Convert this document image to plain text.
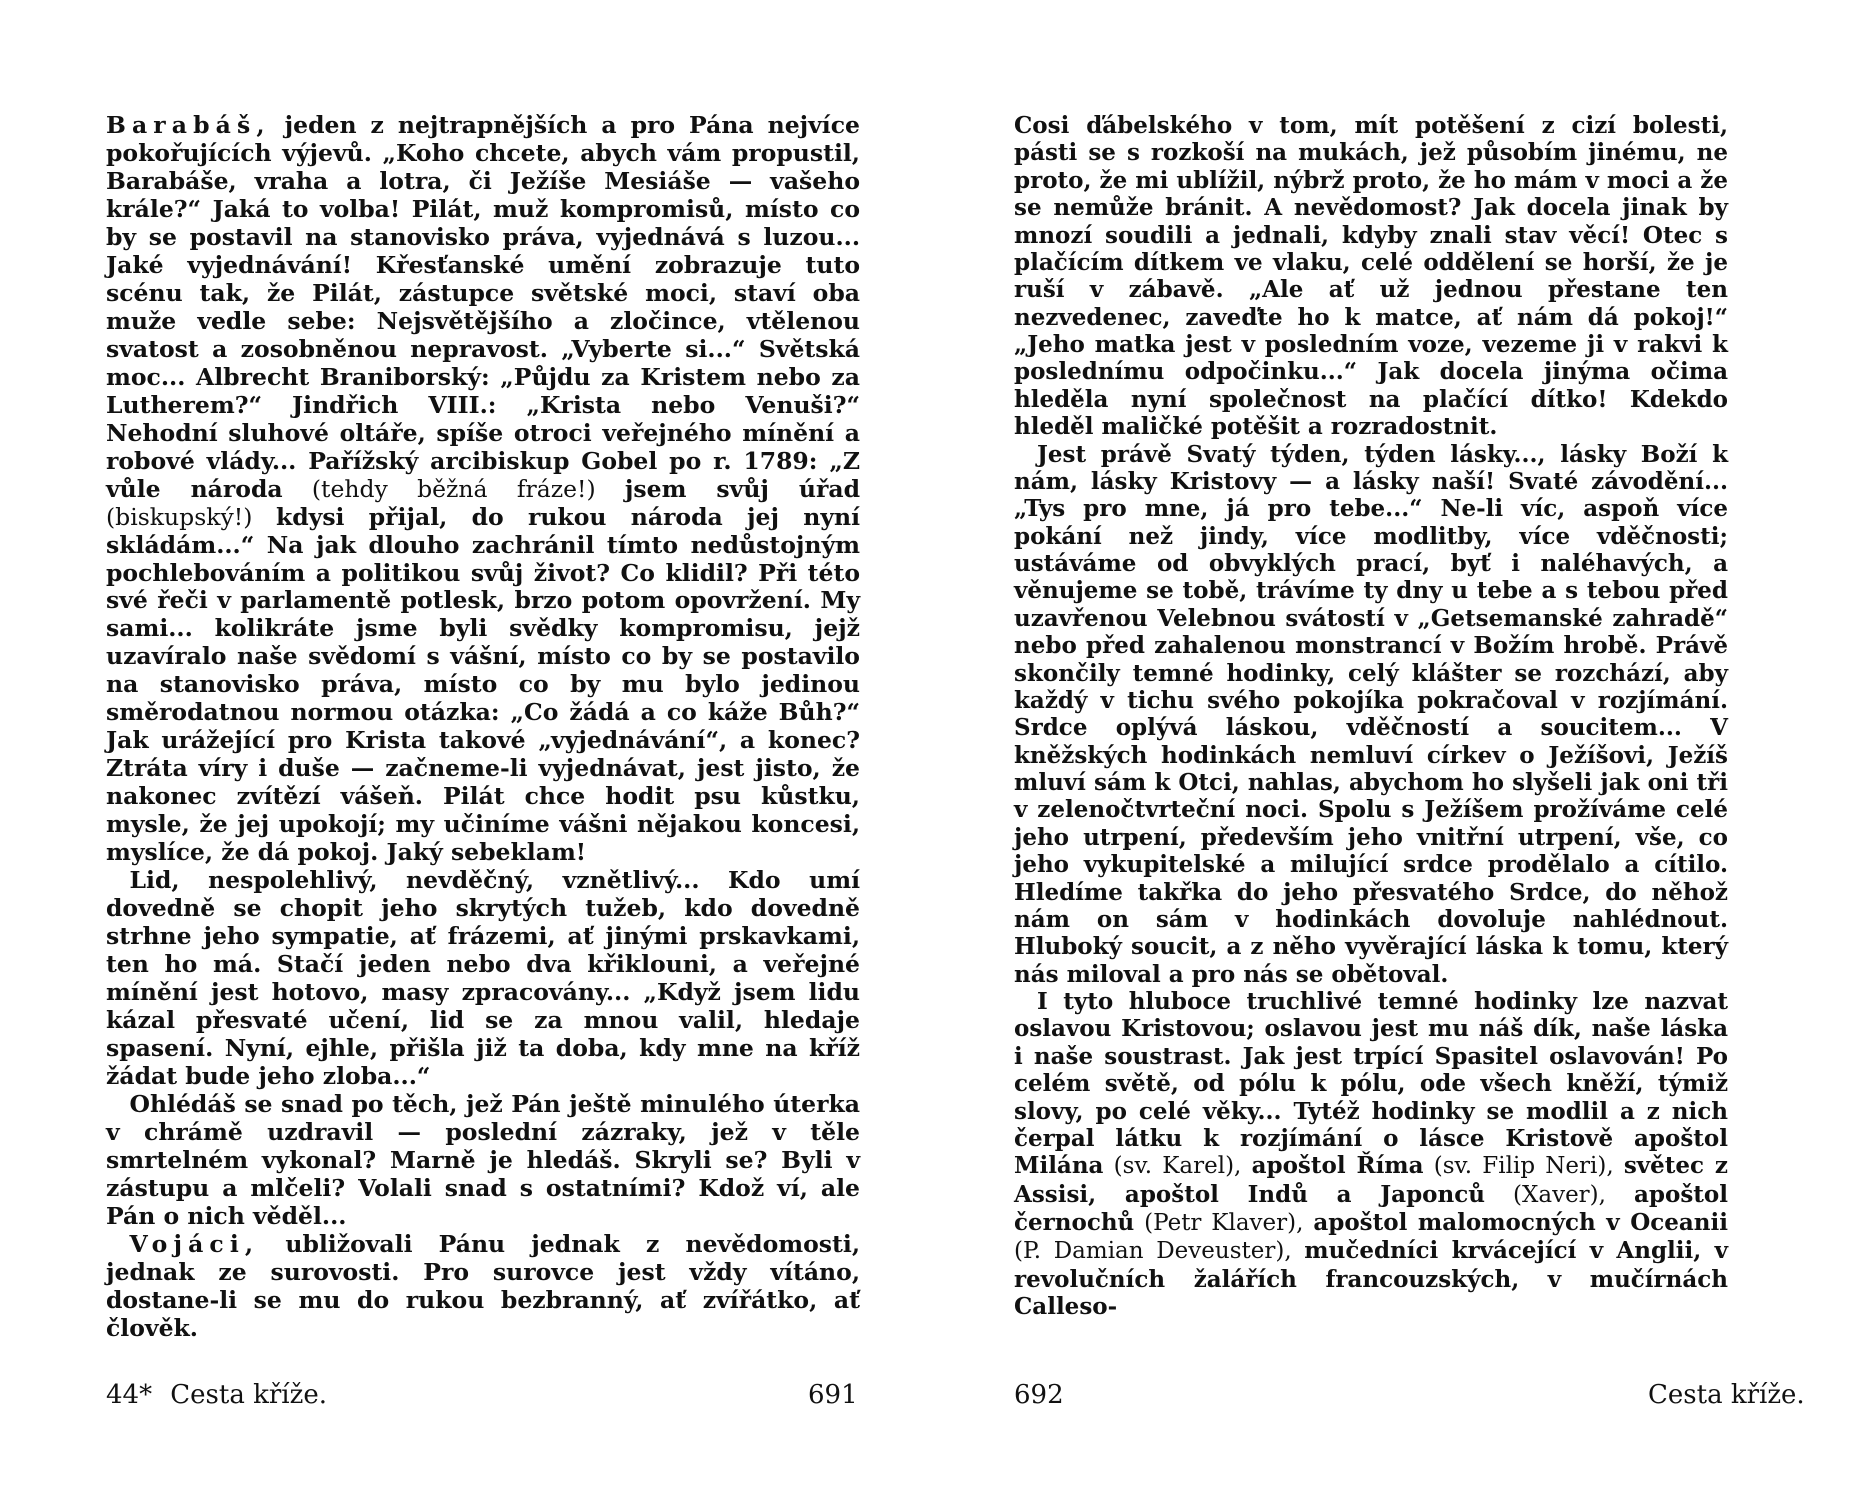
Barabáš, jeden z nejtrapnějších a pro Pána nejvíce pokořujících výjevů. „Koho chcete, abych vám propustil, Barabáše, vraha a lotra, či Ježíše Mesiáše — vašeho krále?“ Jaká to volba! Pilát, muž kompromisů, místo co by se postavil na stanovisko práva, vyjednává s luzou... Jaké vyjednávání! Křesťanské umění zobrazuje tuto scénu tak, že Pilát, zástupce světské moci, staví oba muže vedle sebe: Nejsvětějšího a zločince, vtělenou svatost a zosobněnou nepravost. „Vyberte si...“ Světská moc... Albrecht Braniborský: „Půjdu za Kristem nebo za Lutherem?“ Jindřich VIII.: „Krista nebo Venuši?“ Nehodní sluhové oltáře, spíše otroci veřejného mínění a robové vlády... Pařížský arcibiskup Gobel po r. 1789: „Z vůle národa (tehdy běžná fráze!) jsem svůj úřad (biskupský!) kdysi přijal, do rukou národa jej nyní skládám...“ Na jak dlouho zachránil tímto nedůstojným pochlebováním a politikou svůj život? Co klidil? Při této své řeči v parlamentě potlesk, brzo potom opovržení. My sami... kolikráte jsme byli svědky kompromisu, jejž uzavíralo naše svědomí s vášní, místo co by se postavilo na stanovisko práva, místo co by mu bylo jedinou směrodatnou normou otázka: „Co žádá a co káže Bůh?“ Jak urážející pro Krista takové „vyjednávání“, a konec? Ztráta víry i duše — začneme-li vyjednávat, jest jisto, že nakonec zvítězí vášeň. Pilát chce hodit psu kůstku, mysle, že jej upokojí; my učiníme vášni nějakou koncesi, myslíce, že dá pokoj. Jaký sebeklam!

Lid, nespolehlivý, nevděčný, vznětlivý... Kdo umí dovedně se chopit jeho skrytých tužeb, kdo dovedně strhne jeho sympatie, ať frázemi, ať jinými prskavkami, ten ho má. Stačí jeden nebo dva křiklouni, a veřejné mínění jest hotovo, masy zpracovány... „Když jsem lidu kázal přesvaté učení, lid se za mnou valil, hledaje spasení. Nyní, ejhle, přišla již ta doba, kdy mne na kříž žádat bude jeho zloba...“

Ohlédáš se snad po těch, jež Pán ještě minulého úterka v chrámě uzdravil — poslední zázraky, jež v těle smrtelném vykonal? Marně je hledáš. Skryli se? Byli v zástupu a mlčeli? Volali snad s ostatními? Kdož ví, ale Pán o nich věděl...

Vojáci, ubližovali Pánu jednak z nevědomosti, jednak ze surovosti. Pro surovce jest vždy vítáno, dostane-li se mu do rukou bezbranný, ať zvířátko, ať člověk.

44* Cesta kříže.	691

Cosi ďábelského v tom, mít potěšení z cizí bolesti, pásti se s rozkoší na mukách, jež působím jinému, ne proto, že mi ublížil, nýbrž proto, že ho mám v moci a že se nemůže bránit. A nevědomost? Jak docela jinak by mnozí soudili a jednali, kdyby znali stav věcí! Otec s plačícím dítkem ve vlaku, celé oddělení se horší, že je ruší v zábavě. „Ale ať už jednou přestane ten nezvedenec, zaveďte ho k matce, ať nám dá pokoj!“ „Jeho matka jest v posledním voze, vezeme ji v rakvi k poslednímu odpočinku...“ Jak docela jinýma očima hleděla nyní společnost na plačící dítko! Kdekdo hleděl maličké potěšit a rozradostnit.

Jest právě Svatý týden, týden lásky..., lásky Boží k nám, lásky Kristovy — a lásky naší! Svaté závodění... „Tys pro mne, já pro tebe...“ Ne-li víc, aspoň více pokání než jindy, více modlitby, více vděčnosti; ustáváme od obvyklých prací, byť i naléhavých, a věnujeme se tobě, trávíme ty dny u tebe a s tebou před uzavřenou Velebnou svátostí v „Getsemanské zahradě“ nebo před zahalenou monstrancí v Božím hrobě. Právě skončily temné hodinky, celý klášter se rozchází, aby každý v tichu svého pokojíka pokračoval v rozjímání. Srdce oplývá láskou, vděčností a soucitem... V kněžských hodinkách nemluví církev o Ježíšovi, Ježíš mluví sám k Otci, nahlas, abychom ho slyšeli jak oni tři v zelenočtvrteční noci. Spolu s Ježíšem prožíváme celé jeho utrpení, především jeho vnitřní utrpení, vše, co jeho vykupitelské a milující srdce prodělalo a cítilo. Hledíme takřka do jeho přesvatého Srdce, do něhož nám on sám v hodinkách dovoluje nahlédnout. Hluboký soucit, a z něho vyvěrající láska k tomu, který nás miloval a pro nás se obětoval.

I tyto hluboce truchlivé temné hodinky lze nazvat oslavou Kristovou; oslavou jest mu náš dík, naše láska i naše soustrast. Jak jest trpící Spasitel oslavován! Po celém světě, od pólu k pólu, ode všech kněží, týmiž slovy, po celé věky... Tytéž hodinky se modlil a z nich čerpal látku k rozjímání o lásce Kristově apoštol Milána (sv. Karel), apoštol Říma (sv. Filip Neri), světec z Assisi, apoštol Indů a Japonců (Xaver), apoštol černochů (Petr Klaver), apoštol malomocných v Oceanii (P. Damian Deveuster), mučedníci krvácející v Anglii, v revolučních žalářích francouzských, v mučírnách Calleso-

692	Cesta kříže.
